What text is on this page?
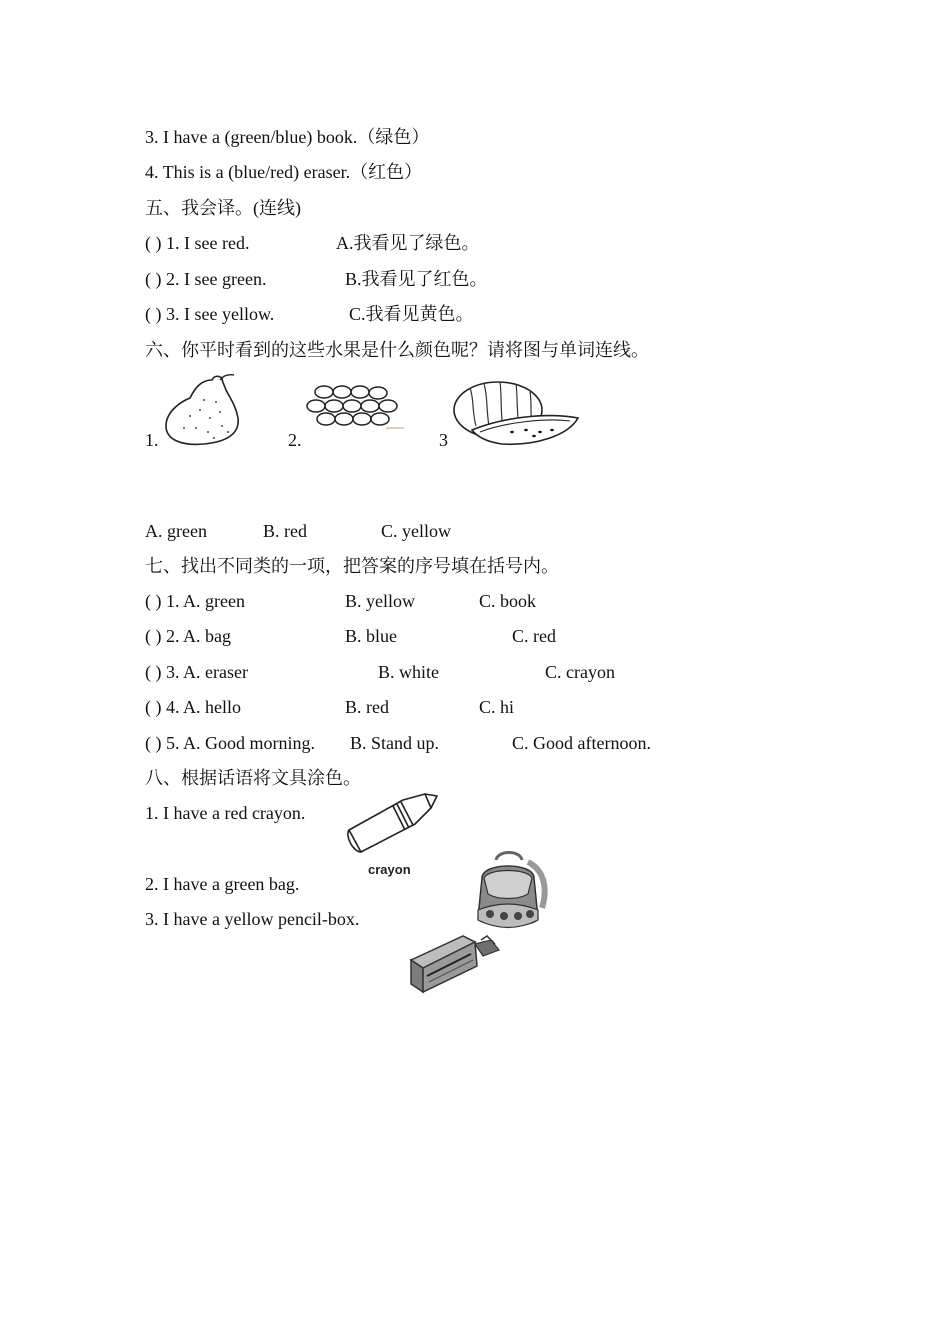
3. I have a (green/blue) book.（绿色）
4. This is a (blue/red) eraser.（红色）
五、我会译。(连线)
( ) 1. I see red.	A.我看见了绿色。
( ) 2. I see green.	B.我看见了红色。
( ) 3. I see yellow.	C.我看见黄色。
六、你平时看到的这些水果是什么颜色呢？请将图与单词连线。
1.	2.	3
A. green	B. red	C. yellow
七、找出不同类的一项，把答案的序号填在括号内。
( ) 1. A. green	B. yellow	C. book
( ) 2. A. bag	B. blue	C. red
( ) 3. A. eraser	B. white	C. crayon
( ) 4. A. hello	B. red	C. hi
( ) 5. A. Good morning. B. Stand up.	C. Good afternoon.
八、根据话语将文具涂色。
1. I have a red crayon.
2. I have a green bag.
3. I have a yellow pencil-box.
crayon
